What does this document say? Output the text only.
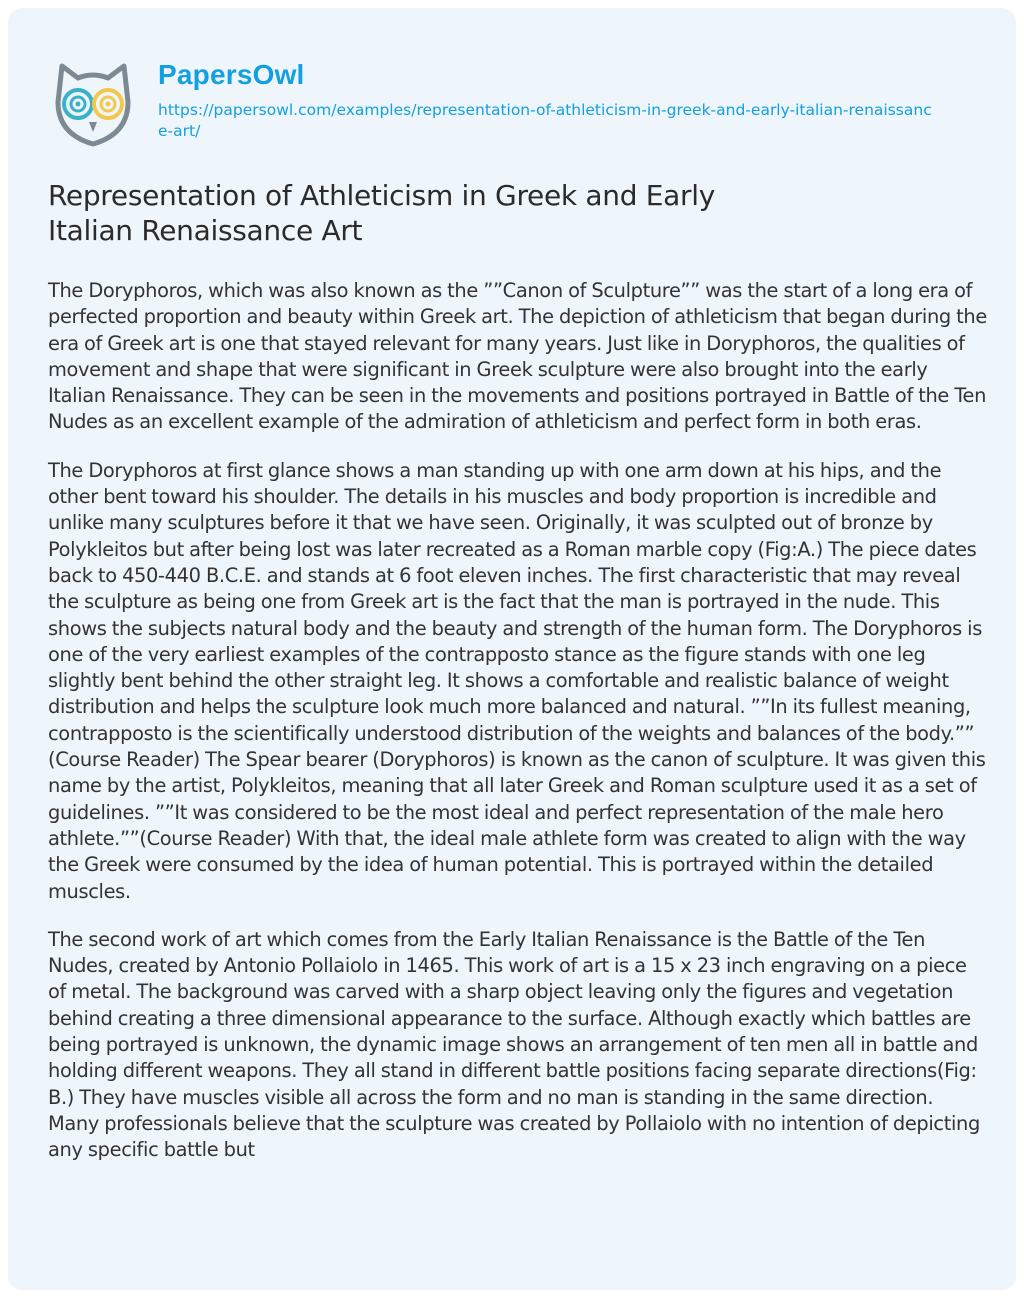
PapersOwl
https://papersowl.com/examples/representation-of-athleticism-in-greek-and-early-italian-renaissance-art/
Representation of Athleticism in Greek and Early Italian Renaissance Art

The Doryphoros, which was also known as the ””Canon of Sculpture”” was the start of a long era of perfected proportion and beauty within Greek art. The depiction of athleticism that began during the era of Greek art is one that stayed relevant for many years. Just like in Doryphoros, the qualities of movement and shape that were significant in Greek sculpture were also brought into the early Italian Renaissance. They can be seen in the movements and positions portrayed in Battle of the Ten Nudes as an excellent example of the admiration of athleticism and perfect form in both eras.

The Doryphoros at first glance shows a man standing up with one arm down at his hips, and the other bent toward his shoulder. The details in his muscles and body proportion is incredible and unlike many sculptures before it that we have seen. Originally, it was sculpted out of bronze by Polykleitos but after being lost was later recreated as a Roman marble copy (Fig:A.) The piece dates back to 450-440 B.C.E. and stands at 6 foot eleven inches. The first characteristic that may reveal the sculpture as being one from Greek art is the fact that the man is portrayed in the nude. This shows the subjects natural body and the beauty and strength of the human form. The Doryphoros is one of the very earliest examples of the contrapposto stance as the figure stands with one leg slightly bent behind the other straight leg. It shows a comfortable and realistic balance of weight distribution and helps the sculpture look much more balanced and natural. ””In its fullest meaning, contrapposto is the scientifically understood distribution of the weights and balances of the body.”” (Course Reader) The Spear bearer (Doryphoros) is known as the canon of sculpture. It was given this name by the artist, Polykleitos, meaning that all later Greek and Roman sculpture used it as a set of guidelines. ””It was considered to be the most ideal and perfect representation of the male hero athlete.””(Course Reader) With that, the ideal male athlete form was created to align with the way the Greek were consumed by the idea of human potential. This is portrayed within the detailed muscles.

The second work of art which comes from the Early Italian Renaissance is the Battle of the Ten Nudes, created by Antonio Pollaiolo in 1465. This work of art is a 15 x 23 inch engraving on a piece of metal. The background was carved with a sharp object leaving only the figures and vegetation behind creating a three dimensional appearance to the surface. Although exactly which battles are being portrayed is unknown, the dynamic image shows an arrangement of ten men all in battle and holding different weapons. They all stand in different battle positions facing separate directions(Fig: B.) They have muscles visible all across the form and no man is standing in the same direction. Many professionals believe that the sculpture was created by Pollaiolo with no intention of depicting any specific battle but
